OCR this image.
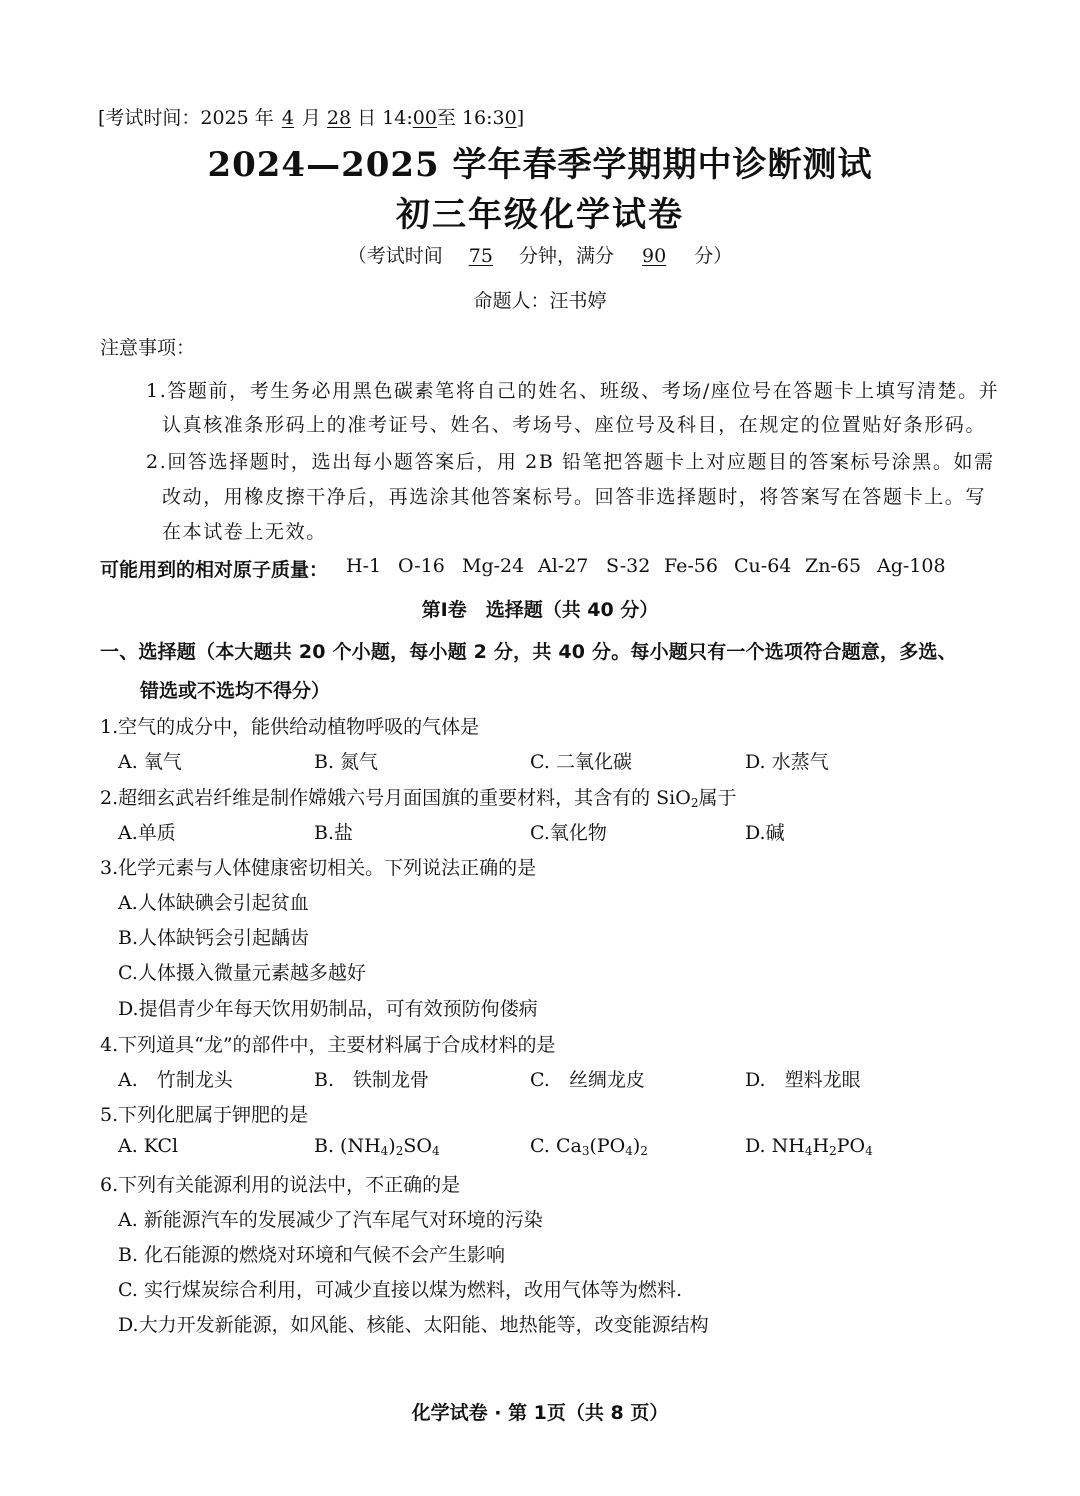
[考试时间：2025 年 4 月 28 日 14:00至 16:30]
2024—2025 学年春季学期期中诊断测试
初三年级化学试卷
（考试时间 75 分钟，满分 90 分）
命题人：汪书婷
注意事项：
1.答题前，考生务必用黑色碳素笔将自己的姓名、班级、考场/座位号在答题卡上填写清楚。并
认真核准条形码上的准考证号、姓名、考场号、座位号及科目，在规定的位置贴好条形码。
2.回答选择题时，选出每小题答案后，用 2B 铅笔把答题卡上对应题目的答案标号涂黑。如需
改动，用橡皮擦干净后，再选涂其他答案标号。回答非选择题时，将答案写在答题卡上。写
在本试卷上无效。
可能用到的相对原子质量： H-1 O-16 Mg-24 Al-27 S-32 Fe-56 Cu-64 Zn-65 Ag-108
第Ⅰ卷　选择题（共 40 分）
一、选择题（本大题共 20 个小题，每小题 2 分，共 40 分。每小题只有一个选项符合题意，多选、
错选或不选均不得分）
1.空气的成分中，能供给动植物呼吸的气体是
A. 氧气	B. 氮气	C. 二氧化碳	D. 水蒸气
2.超细玄武岩纤维是制作嫦娥六号月面国旗的重要材料，其含有的 SiO$_2$属于
A.单质	B.盐	C.氧化物	D.碱
3.化学元素与人体健康密切相关。下列说法正确的是
A.人体缺碘会引起贫血
B.人体缺钙会引起龋齿
C.人体摄入微量元素越多越好
D.提倡青少年每天饮用奶制品，可有效预防佝偻病
4.下列道具“龙”的部件中，主要材料属于合成材料的是
A.　竹制龙头	B.　铁制龙骨	C.　丝绸龙皮	D.　塑料龙眼
5.下列化肥属于钾肥的是
A. KCl	B. $(NH_4)_2SO_4$	C. $Ca_3(PO_4)_2$	D. $NH_4H_2PO_4$
6.下列有关能源利用的说法中，不正确的是
A. 新能源汽车的发展减少了汽车尾气对环境的污染
B. 化石能源的燃烧对环境和气候不会产生影响
C. 实行煤炭综合利用，可减少直接以煤为燃料，改用气体等为燃料.
D.大力开发新能源，如风能、核能、太阳能、地热能等，改变能源结构
化学试卷 · 第 1页（共 8 页）
